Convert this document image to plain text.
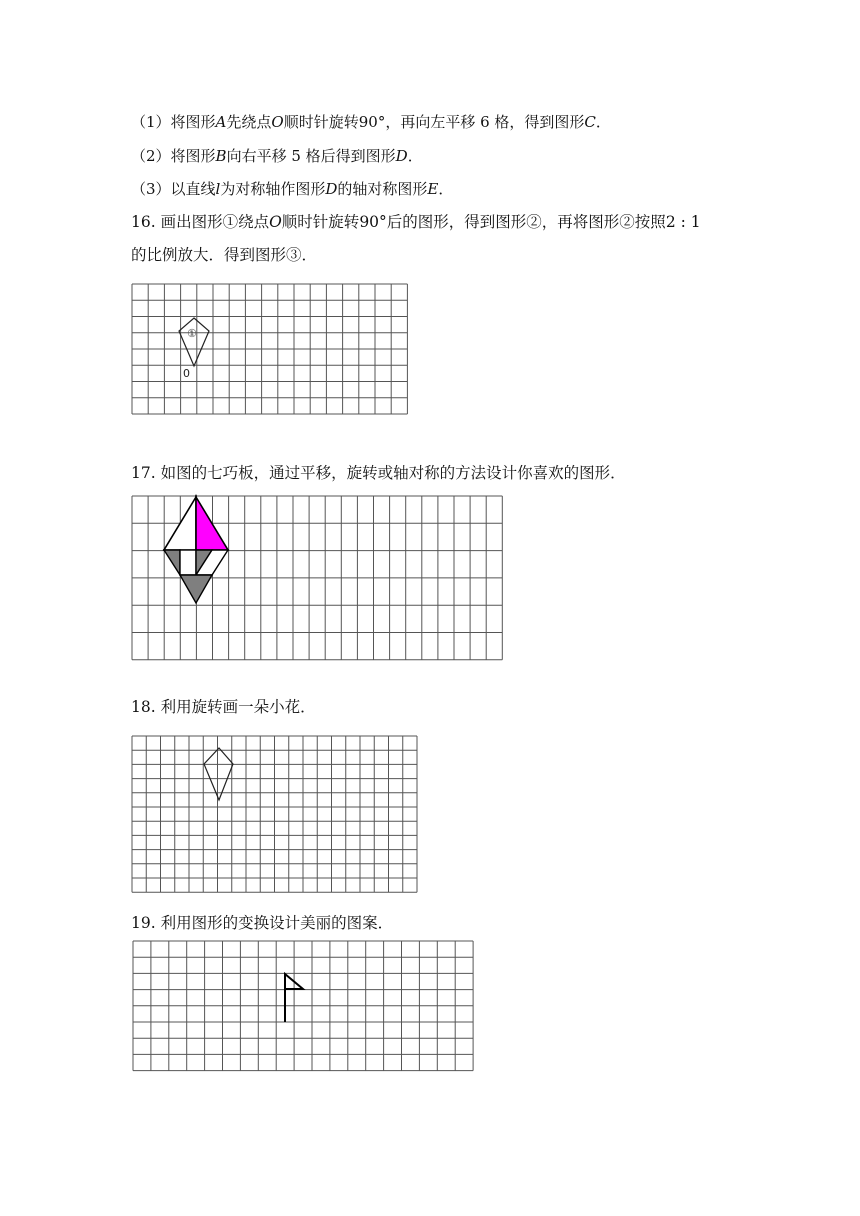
（1）将图形A先绕点O顺时针旋转90°，再向左平移 6 格，得到图形C．
（2）将图形B向右平移 5 格后得到图形D．
（3）以直线l为对称轴作图形D的轴对称图形E．
16. 画出图形①绕点O顺时针旋转90°后的图形，得到图形②，再将图形②按照2 : 1
的比例放大．得到图形③．
①
0
17. 如图的七巧板，通过平移，旋转或轴对称的方法设计你喜欢的图形．
18. 利用旋转画一朵小花．
19. 利用图形的变换设计美丽的图案．
